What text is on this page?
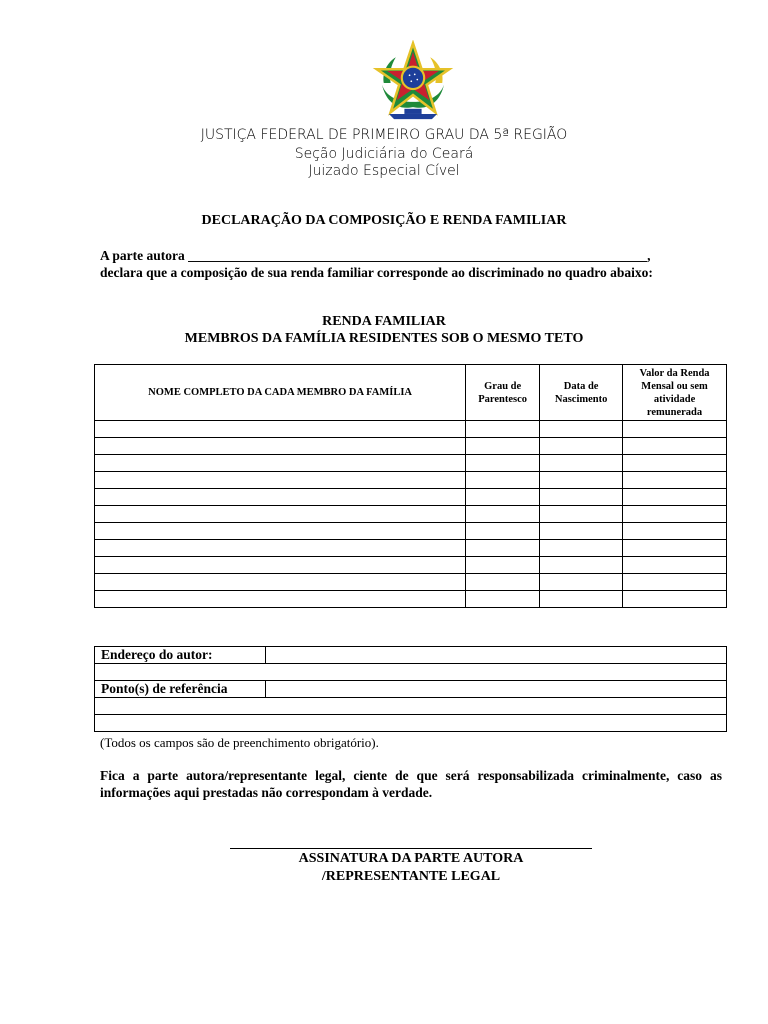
JUSTIÇA FEDERAL DE PRIMEIRO GRAU DA 5ª REGIÃO
Seção Judiciária do Ceará
Juizado Especial Cível
DECLARAÇÃO DA COMPOSIÇÃO E RENDA FAMILIAR
A parte autora ____________________________________________________________________,
declara que a composição de sua renda familiar corresponde ao discriminado no quadro abaixo:
RENDA FAMILIAR
MEMBROS DA FAMÍLIA RESIDENTES SOB O MESMO TETO
NOME COMPLETO DA CADA MEMBRO DA FAMÍLIA	Grau de Parentesco	Data de Nascimento	Valor da Renda Mensal ou sem atividade remunerada

Endereço do autor:	

Ponto(s) de referência	

(Todos os campos são de preenchimento obrigatório).
Fica a parte autora/representante legal, ciente de que será responsabilizada criminalmente, caso as informações aqui prestadas não correspondam à verdade.
ASSINATURA DA PARTE AUTORA
/REPRESENTANTE LEGAL
